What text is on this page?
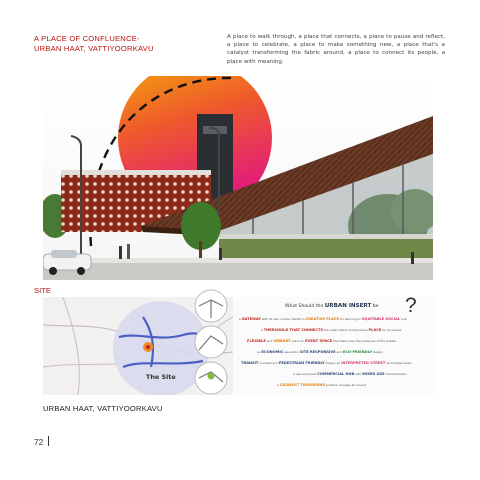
A PLACE OF CONFLUENCE-
URBAN HAAT, VATTIYOORKAVU

A place to walk through, a place that connects, a place to pause and reflect, a place to celebrate, a place to make something new, a place that's a catalyst transforming the fabric around, a place to connect its people, a place with meaning.

SITE
The Site
What Should the URBAN INSERT be ?
a GATEWAY with its own unique identity a CREATIVE PLACE for learning an EQUITABLE SOCIAL hub
a THRESHOLD THAT CONNECTS the urban fabric and becomes PLACE for its people
FLEXIBLE and VIBRANT place an EVENT SPACE that takes over the pressures of the streets
an ECONOMIC Generator SITE RESPONSIVE and ECO-FRIENDLY Design
TRANSIT oriented and PEDESTRIAN FRIENDLY Design an INTERPRETED STREET as multiple levels
a new improved COMMERCIAL HUB with MIXED USE characteristics
a CATALYST TRIGGERING positive changes all around
URBAN HAAT, VATTIYOORKAVU
72
